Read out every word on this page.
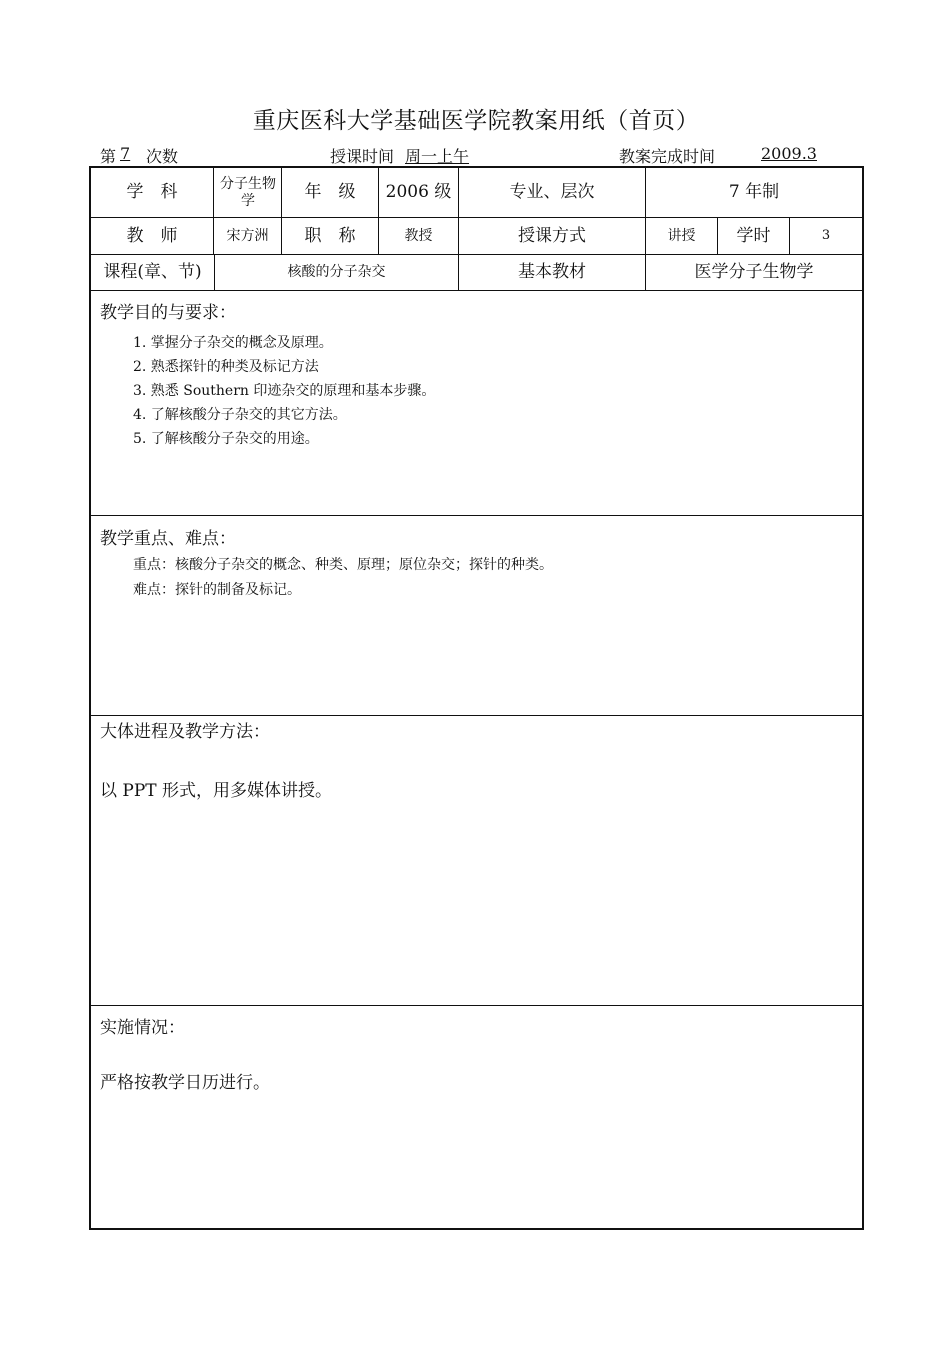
重庆医科大学基础医学院教案用纸（首页）
第 7 次数	授课时间 周一上午	教案完成时间	2009.3
学　科	分子生物学	年　级	2006 级	专业、层次	7 年制
教　师	宋方洲	职　称	教授	授课方式	讲授	学时	3
课程(章、节)	核酸的分子杂交	基本教材	医学分子生物学
教学目的与要求：
1. 掌握分子杂交的概念及原理。
2. 熟悉探针的种类及标记方法
3. 熟悉 Southern 印迹杂交的原理和基本步骤。
4. 了解核酸分子杂交的其它方法。
5. 了解核酸分子杂交的用途。
教学重点、难点：
重点：核酸分子杂交的概念、种类、原理；原位杂交；探针的种类。
难点：探针的制备及标记。
大体进程及教学方法：
以 PPT 形式，用多媒体讲授。
实施情况：
严格按教学日历进行。
